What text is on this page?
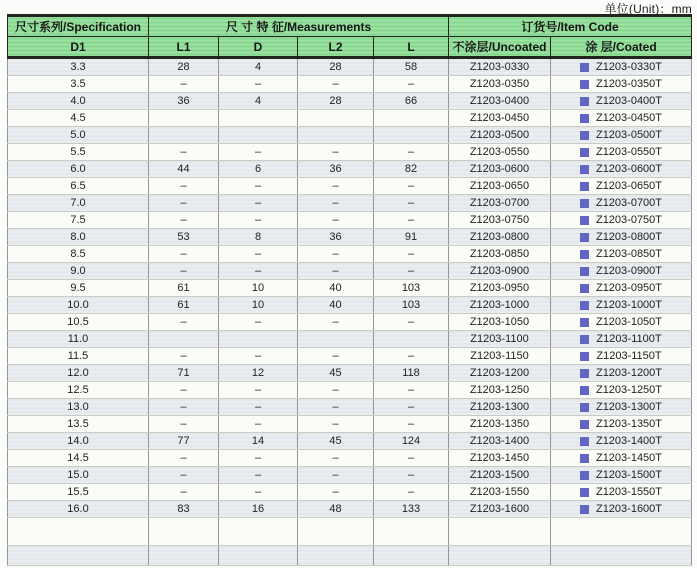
单位(Unit)：mm
尺寸系列/Specification	尺 寸 特 征/Measurements				订货号/Item Code	
D1	L1	D	L2	L	不涂层/Uncoated	涂 层/Coated
3.3	28	4	28	58	Z1203-0330	Z1203-0330T

3.5	–	–	–	–	Z1203-0350	Z1203-0350T

4.0	36	4	28	66	Z1203-0400	Z1203-0400T

4.5					Z1203-0450	Z1203-0450T

5.0					Z1203-0500	Z1203-0500T

5.5	–	–	–	–	Z1203-0550	Z1203-0550T

6.0	44	6	36	82	Z1203-0600	Z1203-0600T

6.5	–	–	–	–	Z1203-0650	Z1203-0650T

7.0	–	–	–	–	Z1203-0700	Z1203-0700T

7.5	–	–	–	–	Z1203-0750	Z1203-0750T

8.0	53	8	36	91	Z1203-0800	Z1203-0800T

8.5	–	–	–	–	Z1203-0850	Z1203-0850T

9.0	–	–	–	–	Z1203-0900	Z1203-0900T

9.5	61	10	40	103	Z1203-0950	Z1203-0950T

10.0	61	10	40	103	Z1203-1000	Z1203-1000T

10.5	–	–	–	–	Z1203-1050	Z1203-1050T

11.0					Z1203-1100	Z1203-1100T

11.5	–	–	–	–	Z1203-1150	Z1203-1150T

12.0	71	12	45	118	Z1203-1200	Z1203-1200T

12.5	–	–	–	–	Z1203-1250	Z1203-1250T

13.0	–	–	–	–	Z1203-1300	Z1203-1300T

13.5	–	–	–	–	Z1203-1350	Z1203-1350T

14.0	77	14	45	124	Z1203-1400	Z1203-1400T

14.5	–	–	–	–	Z1203-1450	Z1203-1450T

15.0	–	–	–	–	Z1203-1500	Z1203-1500T

15.5	–	–	–	–	Z1203-1550	Z1203-1550T

16.0	83	16	48	133	Z1203-1600	Z1203-1600T
